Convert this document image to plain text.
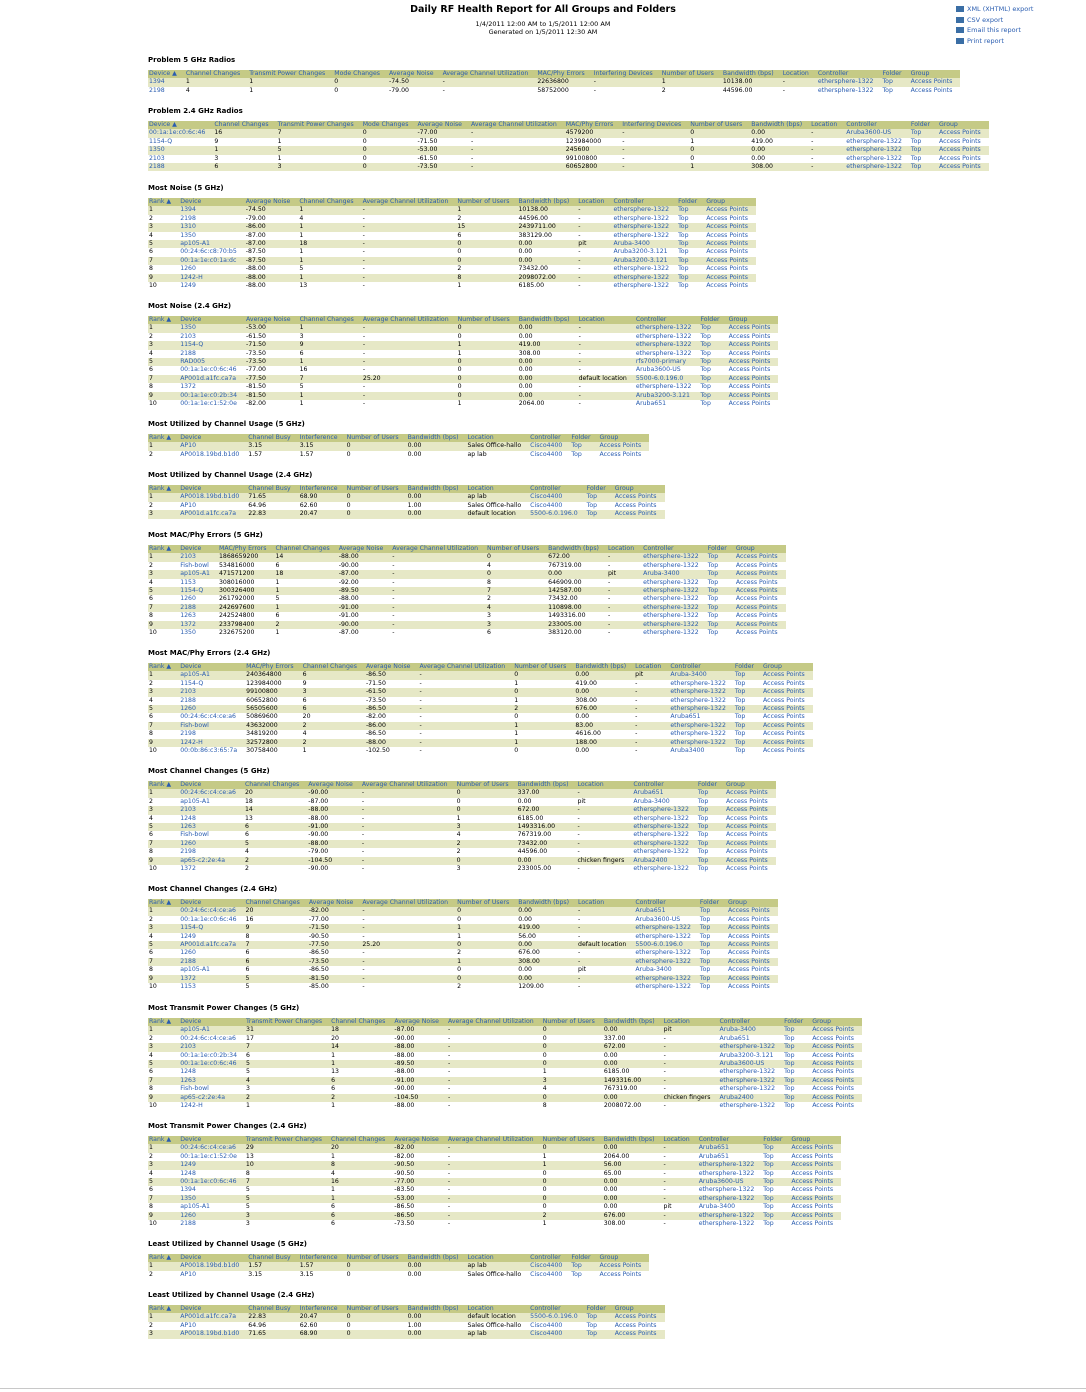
Daily RF Health Report for All Groups and Folders
1/4/2011 12:00 AM to 1/5/2011 12:00 AM
Generated on 1/5/2011 12:30 AM
XML (XHTML) export
CSV export
Email this report
Print report
Problem 5 GHz Radios
Device ▲	Channel Changes	Transmit Power Changes	Mode Changes	Average Noise	Average Channel Utilization	MAC/Phy Errors	Interfering Devices	Number of Users	Bandwidth (bps)	Location	Controller	Folder	Group
1394	1	1	0	-74.50	-	22636800	-	1	10138.00	-	ethersphere-1322	Top	Access Points
2198	4	1	0	-79.00	-	58752000	-	2	44596.00	-	ethersphere-1322	Top	Access Points
Problem 2.4 GHz Radios
Device ▲	Channel Changes	Transmit Power Changes	Mode Changes	Average Noise	Average Channel Utilization	MAC/Phy Errors	Interfering Devices	Number of Users	Bandwidth (bps)	Location	Controller	Folder	Group
00:1a:1e:c0:6c:46	16	7	0	-77.00	-	4579200	-	0	0.00	-	Aruba3600-US	Top	Access Points
1154-Q	9	1	0	-71.50	-	123984000	-	1	419.00	-	ethersphere-1322	Top	Access Points
1350	1	5	0	-53.00	-	245600	-	0	0.00	-	ethersphere-1322	Top	Access Points
2103	3	1	0	-61.50	-	99100800	-	0	0.00	-	ethersphere-1322	Top	Access Points
2188	6	3	0	-73.50	-	60652800	-	1	308.00	-	ethersphere-1322	Top	Access Points
Most Noise (5 GHz)
Rank ▲	Device	Average Noise	Channel Changes	Average Channel Utilization	Number of Users	Bandwidth (bps)	Location	Controller	Folder	Group
1	1394	-74.50	1	-	1	10138.00	-	ethersphere-1322	Top	Access Points
2	2198	-79.00	4	-	2	44596.00	-	ethersphere-1322	Top	Access Points
3	1310	-86.00	1	-	15	2439711.00	-	ethersphere-1322	Top	Access Points
4	1350	-87.00	1	-	6	383129.00	-	ethersphere-1322	Top	Access Points
5	ap105-A1	-87.00	18	-	0	0.00	pit	Aruba-3400	Top	Access Points
6	00:24:6c:c8:70:b5	-87.50	1	-	0	0.00	-	Aruba3200-3.121	Top	Access Points
7	00:1a:1e:c0:1a:dc	-87.50	1	-	0	0.00	-	Aruba3200-3.121	Top	Access Points
8	1260	-88.00	5	-	2	73432.00	-	ethersphere-1322	Top	Access Points
9	1242-H	-88.00	1	-	8	2098072.00	-	ethersphere-1322	Top	Access Points
10	1249	-88.00	13	-	1	6185.00	-	ethersphere-1322	Top	Access Points
Most Noise (2.4 GHz)
Rank ▲	Device	Average Noise	Channel Changes	Average Channel Utilization	Number of Users	Bandwidth (bps)	Location	Controller	Folder	Group
1	1350	-53.00	1	-	0	0.00	-	ethersphere-1322	Top	Access Points
2	2103	-61.50	3	-	0	0.00	-	ethersphere-1322	Top	Access Points
3	1154-Q	-71.50	9	-	1	419.00	-	ethersphere-1322	Top	Access Points
4	2188	-73.50	6	-	1	308.00	-	ethersphere-1322	Top	Access Points
5	RAD005	-73.50	1	-	0	0.00	-	rfs7000-primary	Top	Access Points
6	00:1a:1e:c0:6c:46	-77.00	16	-	0	0.00	-	Aruba3600-US	Top	Access Points
7	AP001d.a1fc.ca7a	-77.50	7	25.20	0	0.00	default location	5500-6.0.196.0	Top	Access Points
8	1372	-81.50	5	-	0	0.00	-	ethersphere-1322	Top	Access Points
9	00:1a:1e:c0:2b:34	-81.50	1	-	0	0.00	-	Aruba3200-3.121	Top	Access Points
10	00:1a:1e:c1:52:0e	-82.00	1	-	1	2064.00	-	Aruba651	Top	Access Points
Most Utilized by Channel Usage (5 GHz)
Rank ▲	Device	Channel Busy	Interference	Number of Users	Bandwidth (bps)	Location	Controller	Folder	Group
1	AP10	3.15	3.15	0	0.00	Sales Office-hallo	Cisco4400	Top	Access Points
2	AP0018.19bd.b1d0	1.57	1.57	0	0.00	ap lab	Cisco4400	Top	Access Points
Most Utilized by Channel Usage (2.4 GHz)
Rank ▲	Device	Channel Busy	Interference	Number of Users	Bandwidth (bps)	Location	Controller	Folder	Group
1	AP0018.19bd.b1d0	71.65	68.90	0	0.00	ap lab	Cisco4400	Top	Access Points
2	AP10	64.96	62.60	0	1.00	Sales Office-hallo	Cisco4400	Top	Access Points
3	AP001d.a1fc.ca7a	22.83	20.47	0	0.00	default location	5500-6.0.196.0	Top	Access Points
Most MAC/Phy Errors (5 GHz)
Rank ▲	Device	MAC/Phy Errors	Channel Changes	Average Noise	Average Channel Utilization	Number of Users	Bandwidth (bps)	Location	Controller	Folder	Group
1	2103	1868659200	14	-88.00	-	0	672.00	-	ethersphere-1322	Top	Access Points
2	Fish-bowl	534816000	6	-90.00	-	4	767319.00	-	ethersphere-1322	Top	Access Points
3	ap105-A1	471571200	18	-87.00	-	0	0.00	pit	Aruba-3400	Top	Access Points
4	1153	308016000	1	-92.00	-	8	646909.00	-	ethersphere-1322	Top	Access Points
5	1154-Q	300326400	1	-89.50	-	7	142587.00	-	ethersphere-1322	Top	Access Points
6	1260	261792000	5	-88.00	-	2	73432.00	-	ethersphere-1322	Top	Access Points
7	2188	242697600	1	-91.00	-	4	110898.00	-	ethersphere-1322	Top	Access Points
8	1263	242524800	6	-91.00	-	3	1493316.00	-	ethersphere-1322	Top	Access Points
9	1372	233798400	2	-90.00	-	3	233005.00	-	ethersphere-1322	Top	Access Points
10	1350	232675200	1	-87.00	-	6	383120.00	-	ethersphere-1322	Top	Access Points
Most MAC/Phy Errors (2.4 GHz)
Rank ▲	Device	MAC/Phy Errors	Channel Changes	Average Noise	Average Channel Utilization	Number of Users	Bandwidth (bps)	Location	Controller	Folder	Group
1	ap105-A1	240364800	6	-86.50	-	0	0.00	pit	Aruba-3400	Top	Access Points
2	1154-Q	123984000	9	-71.50	-	1	419.00	-	ethersphere-1322	Top	Access Points
3	2103	99100800	3	-61.50	-	0	0.00	-	ethersphere-1322	Top	Access Points
4	2188	60652800	6	-73.50	-	1	308.00	-	ethersphere-1322	Top	Access Points
5	1260	56505600	6	-86.50	-	2	676.00	-	ethersphere-1322	Top	Access Points
6	00:24:6c:c4:ce:a6	50869600	20	-82.00	-	0	0.00	-	Aruba651	Top	Access Points
7	Fish-bowl	43632000	2	-86.00	-	1	83.00	-	ethersphere-1322	Top	Access Points
8	2198	34819200	4	-86.50	-	1	4616.00	-	ethersphere-1322	Top	Access Points
9	1242-H	32572800	2	-88.00	-	1	188.00	-	ethersphere-1322	Top	Access Points
10	00:0b:86:c3:65:7a	30758400	1	-102.50	-	0	0.00	-	Aruba3400	Top	Access Points
Most Channel Changes (5 GHz)
Rank ▲	Device	Channel Changes	Average Noise	Average Channel Utilization	Number of Users	Bandwidth (bps)	Location	Controller	Folder	Group
1	00:24:6c:c4:ce:a6	20	-90.00	-	0	337.00	-	Aruba651	Top	Access Points
2	ap105-A1	18	-87.00	-	0	0.00	pit	Aruba-3400	Top	Access Points
3	2103	14	-88.00	-	0	672.00	-	ethersphere-1322	Top	Access Points
4	1248	13	-88.00	-	1	6185.00	-	ethersphere-1322	Top	Access Points
5	1263	6	-91.00	-	3	1493316.00	-	ethersphere-1322	Top	Access Points
6	Fish-bowl	6	-90.00	-	4	767319.00	-	ethersphere-1322	Top	Access Points
7	1260	5	-88.00	-	2	73432.00	-	ethersphere-1322	Top	Access Points
8	2198	4	-79.00	-	2	44596.00	-	ethersphere-1322	Top	Access Points
9	ap65-c2:2e:4a	2	-104.50	-	0	0.00	chicken fingers	Aruba2400	Top	Access Points
10	1372	2	-90.00	-	3	233005.00	-	ethersphere-1322	Top	Access Points
Most Channel Changes (2.4 GHz)
Rank ▲	Device	Channel Changes	Average Noise	Average Channel Utilization	Number of Users	Bandwidth (bps)	Location	Controller	Folder	Group
1	00:24:6c:c4:ce:a6	20	-82.00	-	0	0.00	-	Aruba651	Top	Access Points
2	00:1a:1e:c0:6c:46	16	-77.00	-	0	0.00	-	Aruba3600-US	Top	Access Points
3	1154-Q	9	-71.50	-	1	419.00	-	ethersphere-1322	Top	Access Points
4	1249	8	-90.50	-	1	56.00	-	ethersphere-1322	Top	Access Points
5	AP001d.a1fc.ca7a	7	-77.50	25.20	0	0.00	default location	5500-6.0.196.0	Top	Access Points
6	1260	6	-86.50	-	2	676.00	-	ethersphere-1322	Top	Access Points
7	2188	6	-73.50	-	1	308.00	-	ethersphere-1322	Top	Access Points
8	ap105-A1	6	-86.50	-	0	0.00	pit	Aruba-3400	Top	Access Points
9	1372	5	-81.50	-	0	0.00	-	ethersphere-1322	Top	Access Points
10	1153	5	-85.00	-	2	1209.00	-	ethersphere-1322	Top	Access Points
Most Transmit Power Changes (5 GHz)
Rank ▲	Device	Transmit Power Changes	Channel Changes	Average Noise	Average Channel Utilization	Number of Users	Bandwidth (bps)	Location	Controller	Folder	Group
1	ap105-A1	31	18	-87.00	-	0	0.00	pit	Aruba-3400	Top	Access Points
2	00:24:6c:c4:ce:a6	17	20	-90.00	-	0	337.00	-	Aruba651	Top	Access Points
3	2103	7	14	-88.00	-	0	672.00	-	ethersphere-1322	Top	Access Points
4	00:1a:1e:c0:2b:34	6	1	-88.00	-	0	0.00	-	Aruba3200-3.121	Top	Access Points
5	00:1a:1e:c0:6c:46	5	1	-89.50	-	0	0.00	-	Aruba3600-US	Top	Access Points
6	1248	5	13	-88.00	-	1	6185.00	-	ethersphere-1322	Top	Access Points
7	1263	4	6	-91.00	-	3	1493316.00	-	ethersphere-1322	Top	Access Points
8	Fish-bowl	3	6	-90.00	-	4	767319.00	-	ethersphere-1322	Top	Access Points
9	ap65-c2:2e:4a	2	2	-104.50	-	0	0.00	chicken fingers	Aruba2400	Top	Access Points
10	1242-H	1	1	-88.00	-	8	2008072.00	-	ethersphere-1322	Top	Access Points
Most Transmit Power Changes (2.4 GHz)
Rank ▲	Device	Transmit Power Changes	Channel Changes	Average Noise	Average Channel Utilization	Number of Users	Bandwidth (bps)	Location	Controller	Folder	Group
1	00:24:6c:c4:ce:a6	29	20	-82.00	-	0	0.00	-	Aruba651	Top	Access Points
2	00:1a:1e:c1:52:0e	13	1	-82.00	-	1	2064.00	-	Aruba651	Top	Access Points
3	1249	10	8	-90.50	-	1	56.00	-	ethersphere-1322	Top	Access Points
4	1248	8	4	-90.50	-	0	65.00	-	ethersphere-1322	Top	Access Points
5	00:1a:1e:c0:6c:46	7	16	-77.00	-	0	0.00	-	Aruba3600-US	Top	Access Points
6	1394	5	1	-83.50	-	0	0.00	-	ethersphere-1322	Top	Access Points
7	1350	5	1	-53.00	-	0	0.00	-	ethersphere-1322	Top	Access Points
8	ap105-A1	5	6	-86.50	-	0	0.00	pit	Aruba-3400	Top	Access Points
9	1260	3	6	-86.50	-	2	676.00	-	ethersphere-1322	Top	Access Points
10	2188	3	6	-73.50	-	1	308.00	-	ethersphere-1322	Top	Access Points
Least Utilized by Channel Usage (5 GHz)
Rank ▲	Device	Channel Busy	Interference	Number of Users	Bandwidth (bps)	Location	Controller	Folder	Group
1	AP0018.19bd.b1d0	1.57	1.57	0	0.00	ap lab	Cisco4400	Top	Access Points
2	AP10	3.15	3.15	0	0.00	Sales Office-hallo	Cisco4400	Top	Access Points
Least Utilized by Channel Usage (2.4 GHz)
Rank ▲	Device	Channel Busy	Interference	Number of Users	Bandwidth (bps)	Location	Controller	Folder	Group
1	AP001d.a1fc.ca7a	22.83	20.47	0	0.00	default location	5500-6.0.196.0	Top	Access Points
2	AP10	64.96	62.60	0	1.00	Sales Office-hallo	Cisco4400	Top	Access Points
3	AP0018.19bd.b1d0	71.65	68.90	0	0.00	ap lab	Cisco4400	Top	Access Points
